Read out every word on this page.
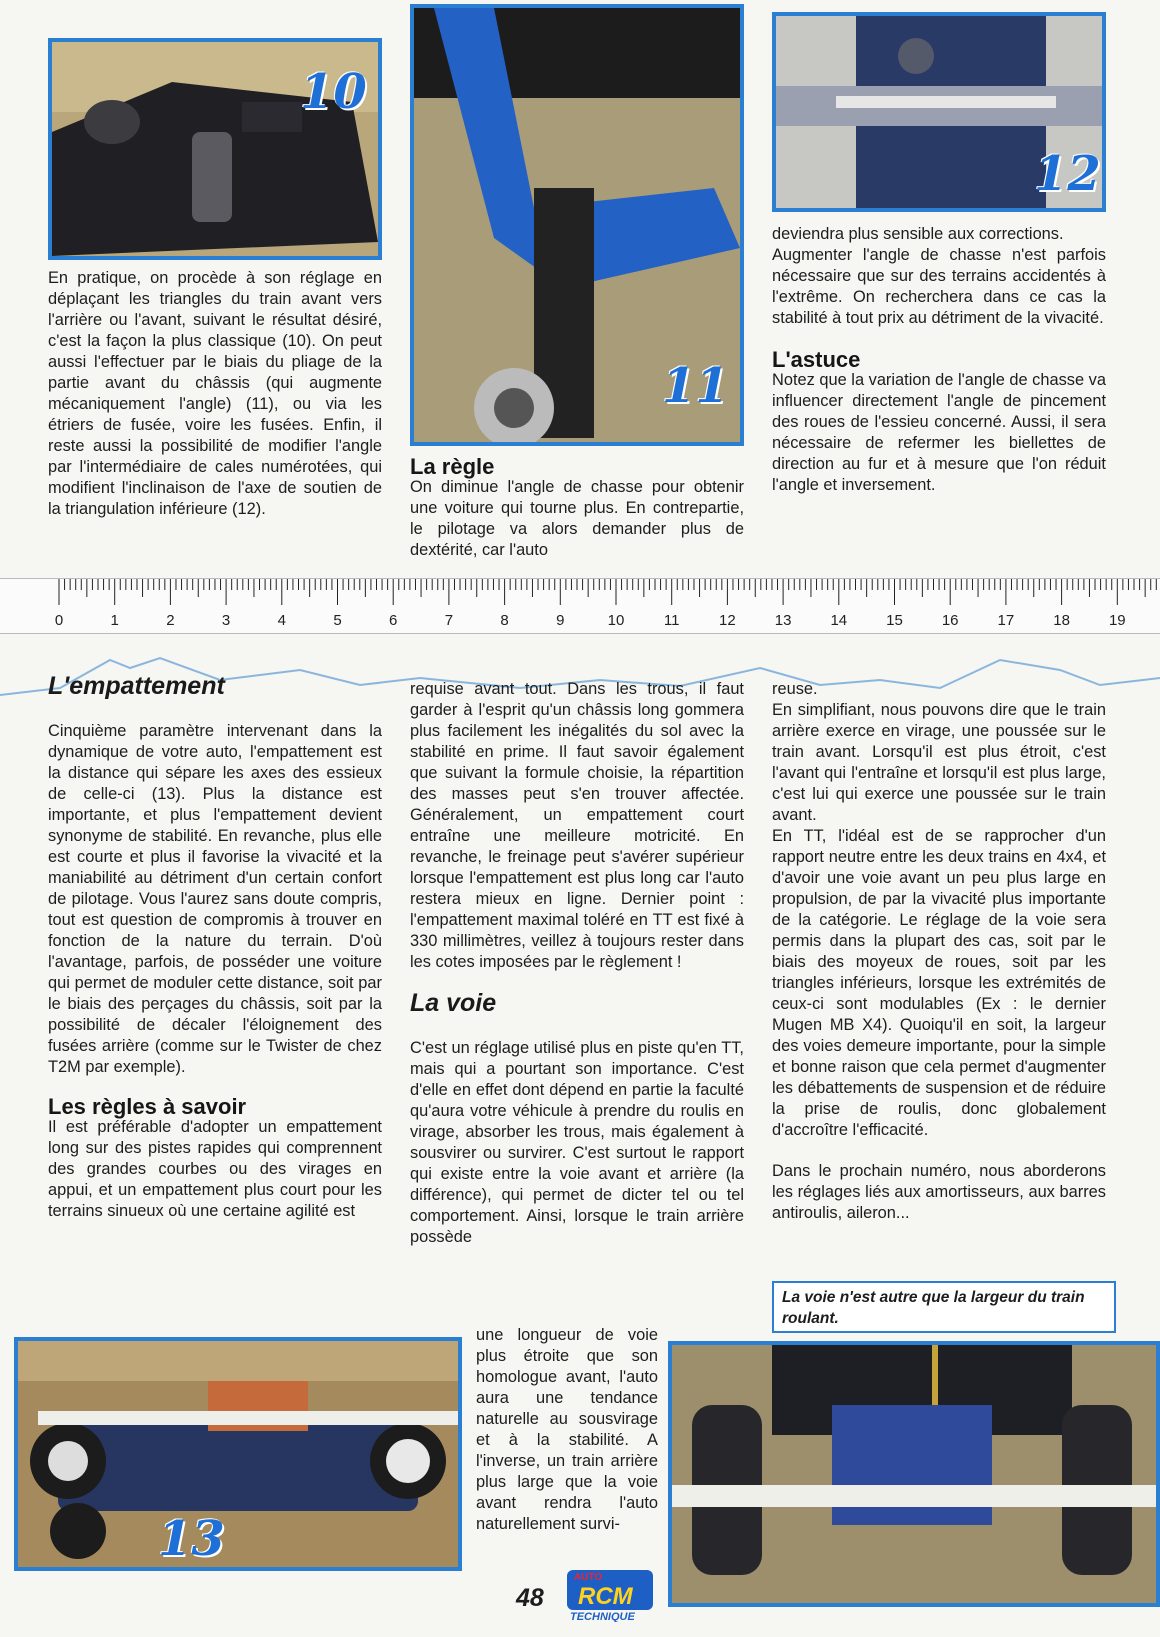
10
11
12

En pratique, on procède à son réglage en déplaçant les triangles du train avant vers l'arrière ou l'avant, suivant le résultat désiré, c'est la façon la plus classique (10). On peut aussi l'effectuer par le biais du pliage de la partie avant du châssis (qui augmente mécaniquement l'angle) (11), ou via les étriers de fusée, voire les fusées. Enfin, il reste aussi la possibilité de modifier l'angle par l'intermédiaire de cales numérotées, qui modifient l'inclinaison de l'axe de soutien de la triangulation inférieure (12).

La règle

On diminue l'angle de chasse pour obtenir une voiture qui tourne plus. En contrepartie, le pilotage va alors demander plus de dextérité, car l'auto

deviendra plus sensible aux corrections.

Augmenter l'angle de chasse n'est parfois nécessaire que sur des terrains accidentés à l'extrême. On recherchera dans ce cas la stabilité à tout prix au détriment de la vivacité.

L'astuce

Notez que la variation de l'angle de chasse va influencer directement l'angle de pincement des roues de l'essieu concerné. Aussi, il sera nécessaire de refermer les biellettes de direction au fur et à mesure que l'on réduit l'angle et inversement.

0	1	2	3	4	5	6	7	8	9	10	11	12	13	14	15	16	17	18	19
L'empattement

Cinquième paramètre intervenant dans la dynamique de votre auto, l'empattement est la distance qui sépare les axes des essieux de celle-ci (13). Plus la distance est importante, et plus l'empattement devient synonyme de stabilité. En revanche, plus elle est courte et plus il favorise la vivacité et la maniabilité au détriment d'un certain confort de pilotage. Vous l'aurez sans doute compris, tout est question de compromis à trouver en fonction de la nature du terrain. D'où l'avantage, parfois, de posséder une voiture qui permet de moduler cette distance, soit par le biais des perçages du châssis, soit par la possibilité de décaler l'éloignement des fusées arrière (comme sur le Twister de chez T2M par exemple).

Les règles à savoir

Il est préférable d'adopter un empattement long sur des pistes rapides qui comprennent des grandes courbes ou des virages en appui, et un empattement plus court pour les terrains sinueux où une certaine agilité est

requise avant tout. Dans les trous, il faut garder à l'esprit qu'un châssis long gommera plus facilement les inégalités du sol avec la stabilité en prime. Il faut savoir également que suivant la formule choisie, la répartition des masses peut s'en trouver affectée. Généralement, un empattement court entraîne une meilleure motricité. En revanche, le freinage peut s'avérer supérieur lorsque l'empattement est plus long car l'auto restera mieux en ligne. Dernier point : l'empattement maximal toléré en TT est fixé à 330 millimètres, veillez à toujours rester dans les cotes imposées par le règlement !

La voie

C'est un réglage utilisé plus en piste qu'en TT, mais qui a pourtant son importance. C'est d'elle en effet dont dépend en partie la faculté qu'aura votre véhicule à prendre du roulis en virage, absorber les trous, mais également à sousvirer ou survirer. C'est surtout le rapport qui existe entre la voie avant et arrière (la différence), qui permet de dicter tel ou tel comportement. Ainsi, lorsque le train arrière possède

une longueur de voie plus étroite que son homologue avant, l'auto aura une tendance naturelle au sousvirage et à la stabilité. A l'inverse, un train arrière plus large que la voie avant rendra l'auto naturellement survi-

reuse.

En simplifiant, nous pouvons dire que le train arrière exerce en virage, une poussée sur le train avant. Lorsqu'il est plus étroit, c'est l'avant qui l'entraîne et lorsqu'il est plus large, c'est lui qui exerce une poussée sur le train avant.

En TT, l'idéal est de se rapprocher d'un rapport neutre entre les deux trains en 4x4, et d'avoir une voie avant un peu plus large en propulsion, de par la vivacité plus importante de la catégorie. Le réglage de la voie sera permis dans la plupart des cas, soit par le biais des moyeux de roues, soit par les triangles inférieurs, lorsque les extrémités de ceux-ci sont modulables (Ex : le dernier Mugen MB X4). Quoiqu'il en soit, la largeur des voies demeure importante, pour la simple et bonne raison que cela permet d'augmenter les débattements de suspension et de réduire la prise de roulis, donc globalement d'accroître l'efficacité.

Dans le prochain numéro, nous aborderons les réglages liés aux amortisseurs, aux barres antiroulis, aileron...

La voie n'est autre que la largeur du train roulant.
13
48
AUTO
RCM
TECHNIQUE
